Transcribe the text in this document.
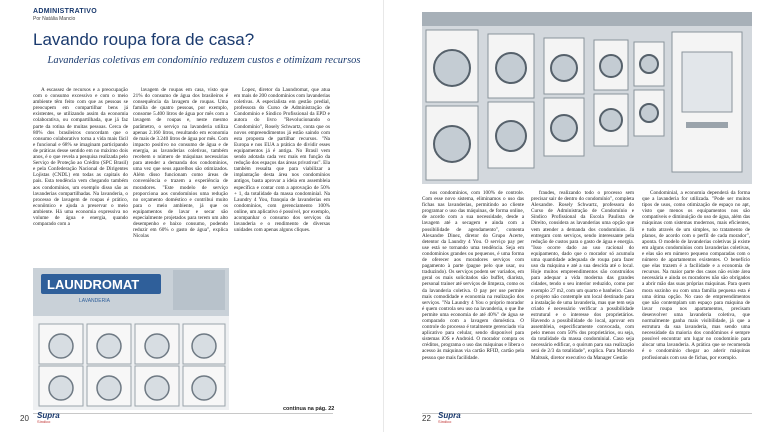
ADMINISTRATIVO
Por Natália Mancio
Lavando roupa fora de casa?
Lavanderias coletivas em condomínio reduzem custos e otimizam recursos

A escassez de recursos e a preocupação com o consumo excessivo e com o meio ambiente têm feito com que as pessoas se preocupem em compartilhar bens já existentes, se utilizando assim da economia colaborativa, ou compartilhada, que já faz parte da rotina de muitas pessoas. Cerca de 80% dos brasileiros concordam que o consumo colaborativo torna a vida mais fácil e funcional e 68% se imaginam participando de práticas desse sentido em no máximo dois anos, é o que revela a pesquisa realizada pelo Serviço de Proteção ao Crédito (SPC Brasil) e pela Confederação Nacional de Dirigentes Lojistas (CNDL) em todas as capitais do país. Esta tendência vem chegando também aos condomínios, um exemplo disso são as lavanderias compartilhadas. Na lavanderia, o processo de lavagem de roupas é prático, econômico e ajuda a preservar o meio ambiente. Há uma economia expressiva no volume de água e energia, quando comparado com a

lavagem de roupas em casa, visto que 21% do consumo de água dos brasileiros é consequência da lavagem de roupas. Uma família de quatro pessoas, por exemplo, consome 5.400 litros de água por mês com a lavagem de roupas e, neste mesmo parâmetro, o serviço na lavanderia utiliza apenas 2.160 litros, resultando em economia de mais de 3.240 litros de água por mês. Com impacto positivo no consumo de água e de energia, as lavanderias coletivas, também recebem o número de máquinas necessárias para atender a demanda dos condomínios, uma vez que seus aparelhos são otimizados. Além disso funcionam como áreas de conveniência e trazem a experiência de moradores. "Este modelo de serviço proporciona aos condomínios uma redução no orçamento doméstico e contribui muito para o meio ambiente, já que os equipamentos de lavar e secar são especialmente projetados para terem um alto desempenho e baixo consumo, podendo reduzir em 60% o gasto de água", explica Nicolas

Lopez, diretor da Laundromat, que atua em mais de 200 condomínios com lavanderias coletivas. A especialista em gestão predial, professora do Curso de Administração de Condomínio e Síndico Profissional da EPD e autora do livro "Revolucionando o Condomínio", Rosely Schwartz, conta que os novos empreendimentos já estão saindo com esta proposta de partilhar recursos. "Na Europa e nos EUA a prática de dividir esses equipamentos já é antiga. No Brasil vem sendo adotada cada vez mais em função da redução dos espaços das áreas privativas". Ela também ressalta que para viabilizar a implantação desta área nos condomínios antigos, basta aprovar a ideia em assembleia específica e contar com a aprovação de 50% + 1, da totalidade da massa condominial. Na Laundry 4 You, franquia de lavanderias em condomínios, com gerenciamento 100% online, um aplicativo é possível, por exemplo, acompanhar o consumo dos serviços da lavanderia e o rendimento de diversas unidades com apenas alguns cliques.

LAUNDROMAT
LAVANDERIA
continua na pág. 22
20 Supra
Síndico

nos condomínios, com 100% de controle. Com esse novo sistema, eliminamos o uso das fichas nas lavanderias, permitindo ao cliente programar o uso das máquinas, de forma online, de acordo com a sua necessidade, desde a lavagem até a secagem e ainda com a possibilidade de agendamento", comenta Alexandre Dinez, diretor do Grupo Acerte, detentor da Laundry 4 You. O serviço pay per use está se tornando uma tendência. Seja em condomínios grandes ou pequenos, é uma forma de oferecer aos moradores serviços com pagamento à parte (pague pelo que usar, ou traduzindo). Os serviços podem ser variados, em geral os mais solicitados são buffet, diarista, personal trainer até serviços de limpeza, como os da lavanderia coletiva. O pay per use permite mais comodidade e economia na realização dos serviços. "Na Laundry 4 You o próprio morador é quem controla seu uso na lavanderia, o que lhe permite uma economia de até 40%" de água se comparado com a lavagem doméstica. O controle do processo é totalmente gerenciado via aplicativo para celular, sendo disponível para sistemas iOS e Android. O morador compra os créditos, programa o uso das máquinas e libera o acesso às máquinas via cartão RFID, cartão pela pessoa que mais facilidade.

fraudes, realizando todo o processo sem precisar sair de dentro do condomínio", completa Alexandre. Rosely Schwartz, professora do Curso de Administração de Condomínio e Síndico Profissional da Escola Paulista de Direito, considera as lavanderias uma opção que vem atender a demanda dos condomínios. Já entregam com serviços, sendo interessante pela redução de custos para o gasto de água e energia. "Isso ocorre dado ao uso racional do equipamento, dado que o morador só acumula uma quantidade adequada de roupa para fazer uso da máquina e até a sua descida até o local. Hoje muitos empreendimentos são construídos para adequar a vida moderna das grandes cidades, tendo o seu interior reduzido, como por exemplo 27 m2, com um quarto e banheiro. Caso o projeto não contemple um local destinado para a instalação de uma lavanderia, mas que tem seja criado é necessário verificar a possibilidade estrutural e o interesse dos proprietários. Havendo a possibilidade do local, aprovar em assembleia, especificamente convocada, com pelo menos com 50% dos proprietários, ou seja, da totalidade da massa condominial. Caso seja necessário edificar, o quórum para sua realização será de 2/3 da totalidade", explica. Para Marcelo Maltsuk, diretor executivo da Manager Gestão

Condominial, a economia dependerá da forma que a lavanderia for utilizada. "Pode ser muitos tipos de usos, como otimização de espaço no apt, visto que menos os equipamentos nos são compatíveis e diminuição do uso de água, além das máquinas com sistemas modernos, mais eficientes, e tudo através de um simples, no tratamento de planos, de acordo com o perfil de cada morador", aponta. O modelo de lavanderias coletivas já existe em alguns condomínios com lavanderias coletivas, e elas são em número pequeno comparadas com o número de apartamentos existentes. O benefício que elas trazem é a facilidade e a economia de recursos. Na maior parte dos casos não existe área necessária e ainda os moradores não são obrigados a abrir mão das suas próprias máquinas. Para quem mora sozinho ou com uma família pequena esta é uma ótima opção. No caso de empreendimentos que não contemplam um espaço para máquina de lavar roupa nos apartamentos, precisam desenvolver uma lavanderia coletiva, que normalmente ganha mais visibilidade, já que a estrutura da sua lavanderia, mas sendo uma necessidade da maioria dos condôminos é sempre possível encontrar um lugar no condomínio para alocar uma lavanderia. A prática que se recomenda é o condomínio chegar ao aderir máquinas profissionais com uso de fichas, por exemplo.

22 Supra
Síndico
